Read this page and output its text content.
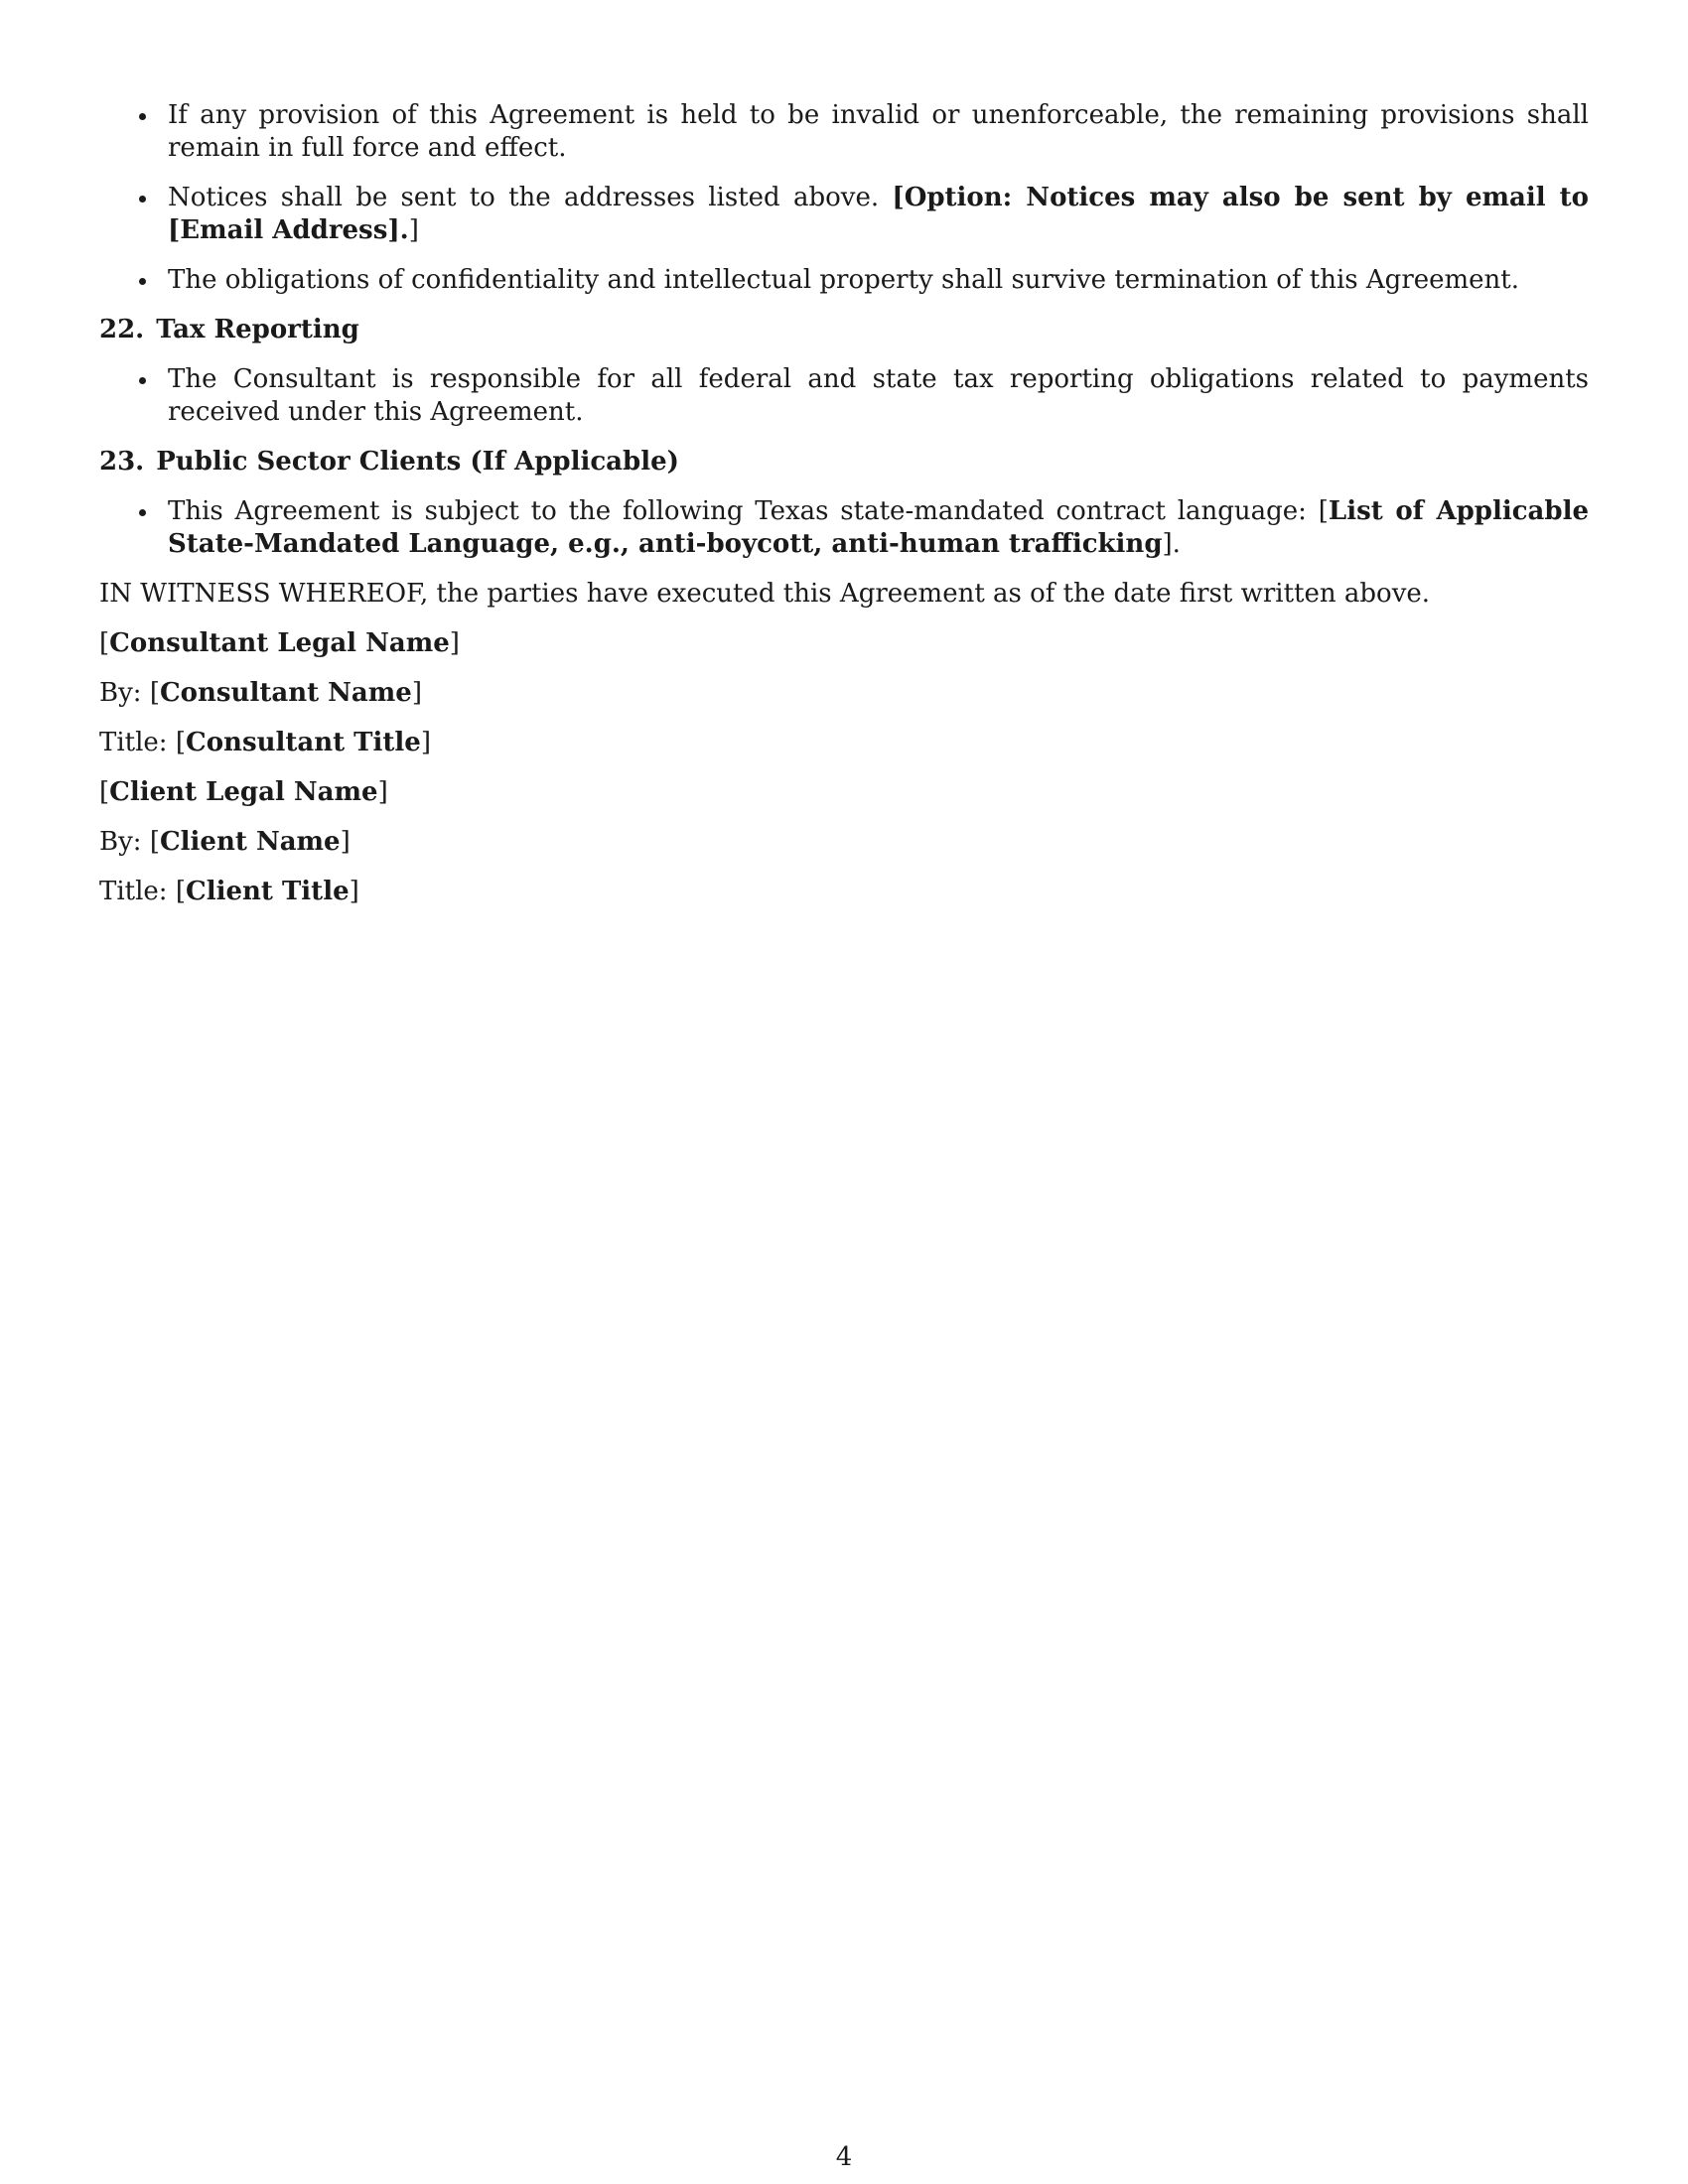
If any provision of this Agreement is held to be invalid or unenforceable, the remaining provisions shall remain in full force and effect.
Notices shall be sent to the addresses listed above. [Option: Notices may also be sent by email to [Email Address].]
The obligations of confidentiality and intellectual property shall survive termination of this Agreement.
22. Tax Reporting
The Consultant is responsible for all federal and state tax reporting obligations related to payments received under this Agreement.
23. Public Sector Clients (If Applicable)
This Agreement is subject to the following Texas state-mandated contract language: [List of Applicable State-Mandated Language, e.g., anti-boycott, anti-human trafficking].

IN WITNESS WHEREOF, the parties have executed this Agreement as of the date first written above.

[Consultant Legal Name]
By: [Consultant Name]
Title: [Consultant Title]
[Client Legal Name]
By: [Client Name]
Title: [Client Title]
4
